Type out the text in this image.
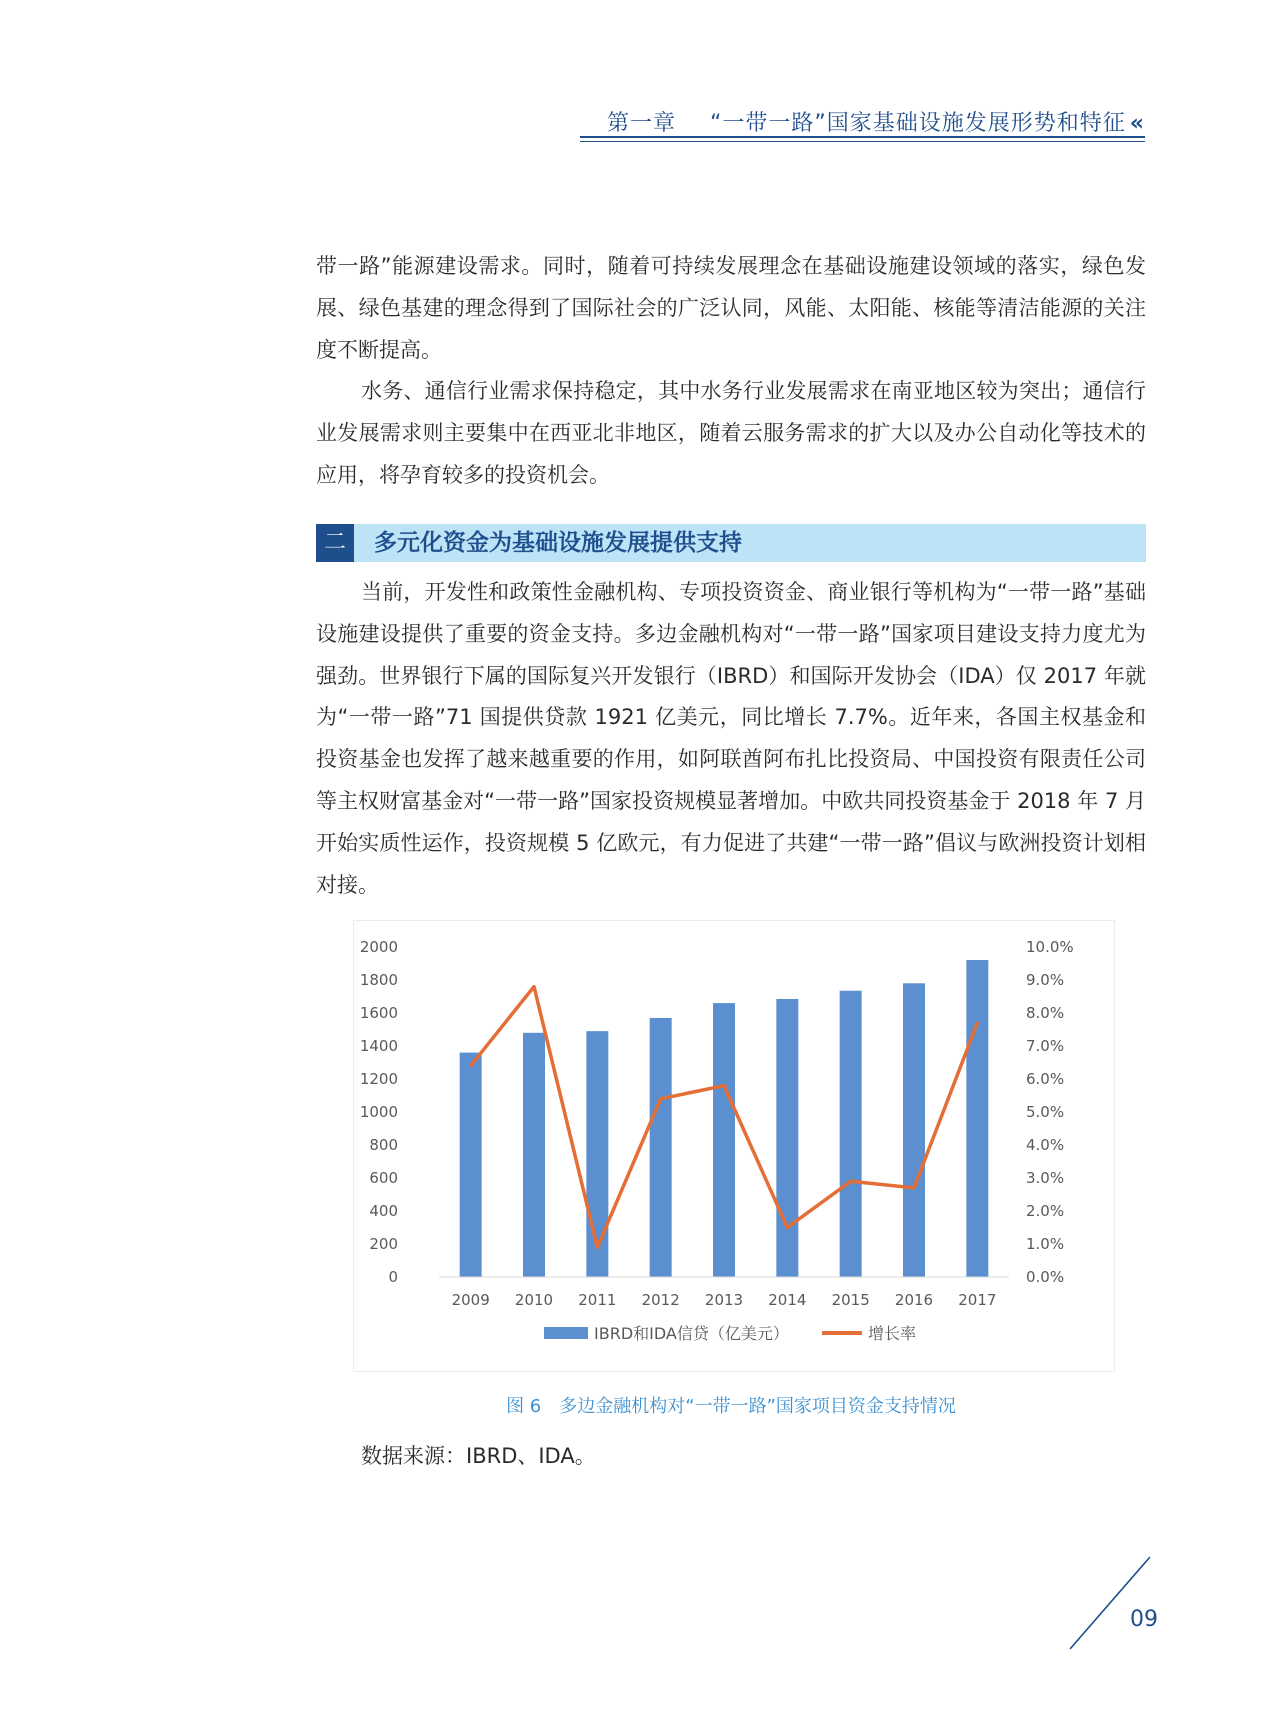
第一章 “一带一路”国家基础设施发展形势和特征 «

带一路”能源建设需求。同时，随着可持续发展理念在基础设施建设领域的落实，绿色发展、绿色基建的理念得到了国际社会的广泛认同，风能、太阳能、核能等清洁能源的关注度不断提高。

水务、通信行业需求保持稳定，其中水务行业发展需求在南亚地区较为突出；通信行业发展需求则主要集中在西亚北非地区，随着云服务需求的扩大以及办公自动化等技术的应用，将孕育较多的投资机会。

二	多元化资金为基础设施发展提供支持

当前，开发性和政策性金融机构、专项投资资金、商业银行等机构为“一带一路”基础设施建设提供了重要的资金支持。多边金融机构对“一带一路”国家项目建设支持力度尤为强劲。世界银行下属的国际复兴开发银行（IBRD）和国际开发协会（IDA）仅 2017 年就为“一带一路”71 国提供贷款 1921 亿美元，同比增长 7.7%。近年来，各国主权基金和投资基金也发挥了越来越重要的作用，如阿联酋阿布扎比投资局、中国投资有限责任公司等主权财富基金对“一带一路”国家投资规模显著增加。中欧共同投资基金于 2018 年 7 月开始实质性运作，投资规模 5 亿欧元，有力促进了共建“一带一路”倡议与欧洲投资计划相对接。

0
200
400
600
800
1000
1200
1400
1600
1800
2000
0.0%
1.0%
2.0%
3.0%
4.0%
5.0%
6.0%
7.0%
8.0%
9.0%
10.0%
2009 2010 2011 2012 2013 2014 2015 2016 2017
IBRD和IDA信贷（亿美元）	增长率
图 6　多边金融机构对“一带一路”国家项目资金支持情况
数据来源：IBRD、IDA。
09
